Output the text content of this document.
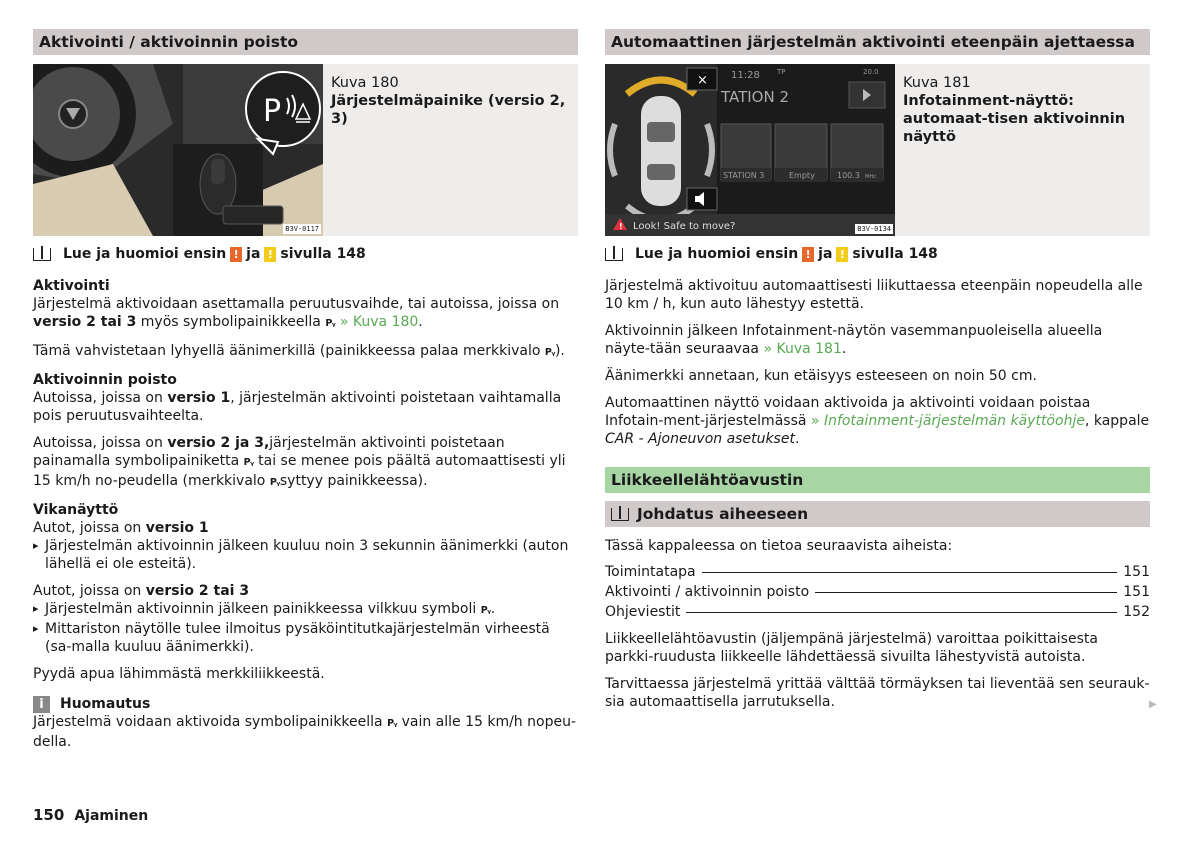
Aktivointi / aktivoinnin poisto
P
B3V-0117
Kuva 180
Järjestelmäpainike (versio 2, 3)
Lue ja huomioi ensin ! ja ! sivulla 148

Aktivointi

Järjestelmä aktivoidaan asettamalla peruutusvaihde, tai autoissa, joissa on versio 2 tai 3 myös symbolipainikkeella Pᵧ » Kuva 180.

Tämä vahvistetaan lyhyellä äänimerkillä (painikkeessa palaa merkkivalo Pᵧ).

Aktivoinnin poisto

Autoissa, joissa on versio 1, järjestelmän aktivointi poistetaan vaihtamalla pois peruutusvaihteelta.

Autoissa, joissa on versio 2 ja 3,järjestelmän aktivointi poistetaan painamalla symbolipainiketta Pᵧ tai se menee pois päältä automaattisesti yli 15 km/h no-peudella (merkkivalo Pᵧsyttyy painikkeessa).

Vikanäyttö

Autot, joissa on versio 1

▸ Järjestelmän aktivoinnin jälkeen kuuluu noin 3 sekunnin äänimerkki (auton lähellä ei ole esteitä).

Autot, joissa on versio 2 tai 3

▸ Järjestelmän aktivoinnin jälkeen painikkeessa vilkkuu symboli Pᵧ.

▸ Mittariston näytölle tulee ilmoitus pysäköintitutkajärjestelmän virheestä (sa-malla kuuluu äänimerkki).

Pyydä apua lähimmästä merkkiliikkeestä.

i	Huomautus

Järjestelmä voidaan aktivoida symbolipainikkeella Pᵧ vain alle 15 km/h nopeu-della.

Automaattinen järjestelmän aktivointi eteenpäin ajettaessa
× 11:28 TP	20.0
TATION 2
STATION 3	Empty	100.3 MHz
! Look! Safe to move?	B3V-0134
Kuva 181
Infotainment-näyttö: automaat-tisen aktivoinnin näyttö
Lue ja huomioi ensin ! ja ! sivulla 148

Järjestelmä aktivoituu automaattisesti liikuttaessa eteenpäin nopeudella alle 10 km / h, kun auto lähestyy estettä.

Aktivoinnin jälkeen Infotainment-näytön vasemmanpuoleisella alueella näyte-tään seuraavaa » Kuva 181.

Äänimerkki annetaan, kun etäisyys esteeseen on noin 50 cm.

Automaattinen näyttö voidaan aktivoida ja aktivointi voidaan poistaa Infotain-ment-järjestelmässä » Infotainment-järjestelmän käyttöohje, kappale CAR - Ajoneuvon asetukset.

Liikkeellelähtöavustin
Johdatus aiheeseen

Tässä kappaleessa on tietoa seuraavista aiheista:

Toimintatapa	151
Aktivointi / aktivoinnin poisto	151
Ohjeviestit	152

Liikkeellelähtöavustin (jäljempänä järjestelmä) varoittaa poikittaisesta parkki-ruudusta liikkeelle lähdettäessä sivuilta lähestyvistä autoista.

Tarvittaessa järjestelmä yrittää välttää törmäyksen tai lieventää sen seurauk-sia automaattisella jarrutuksella.	▶
150 Ajaminen
